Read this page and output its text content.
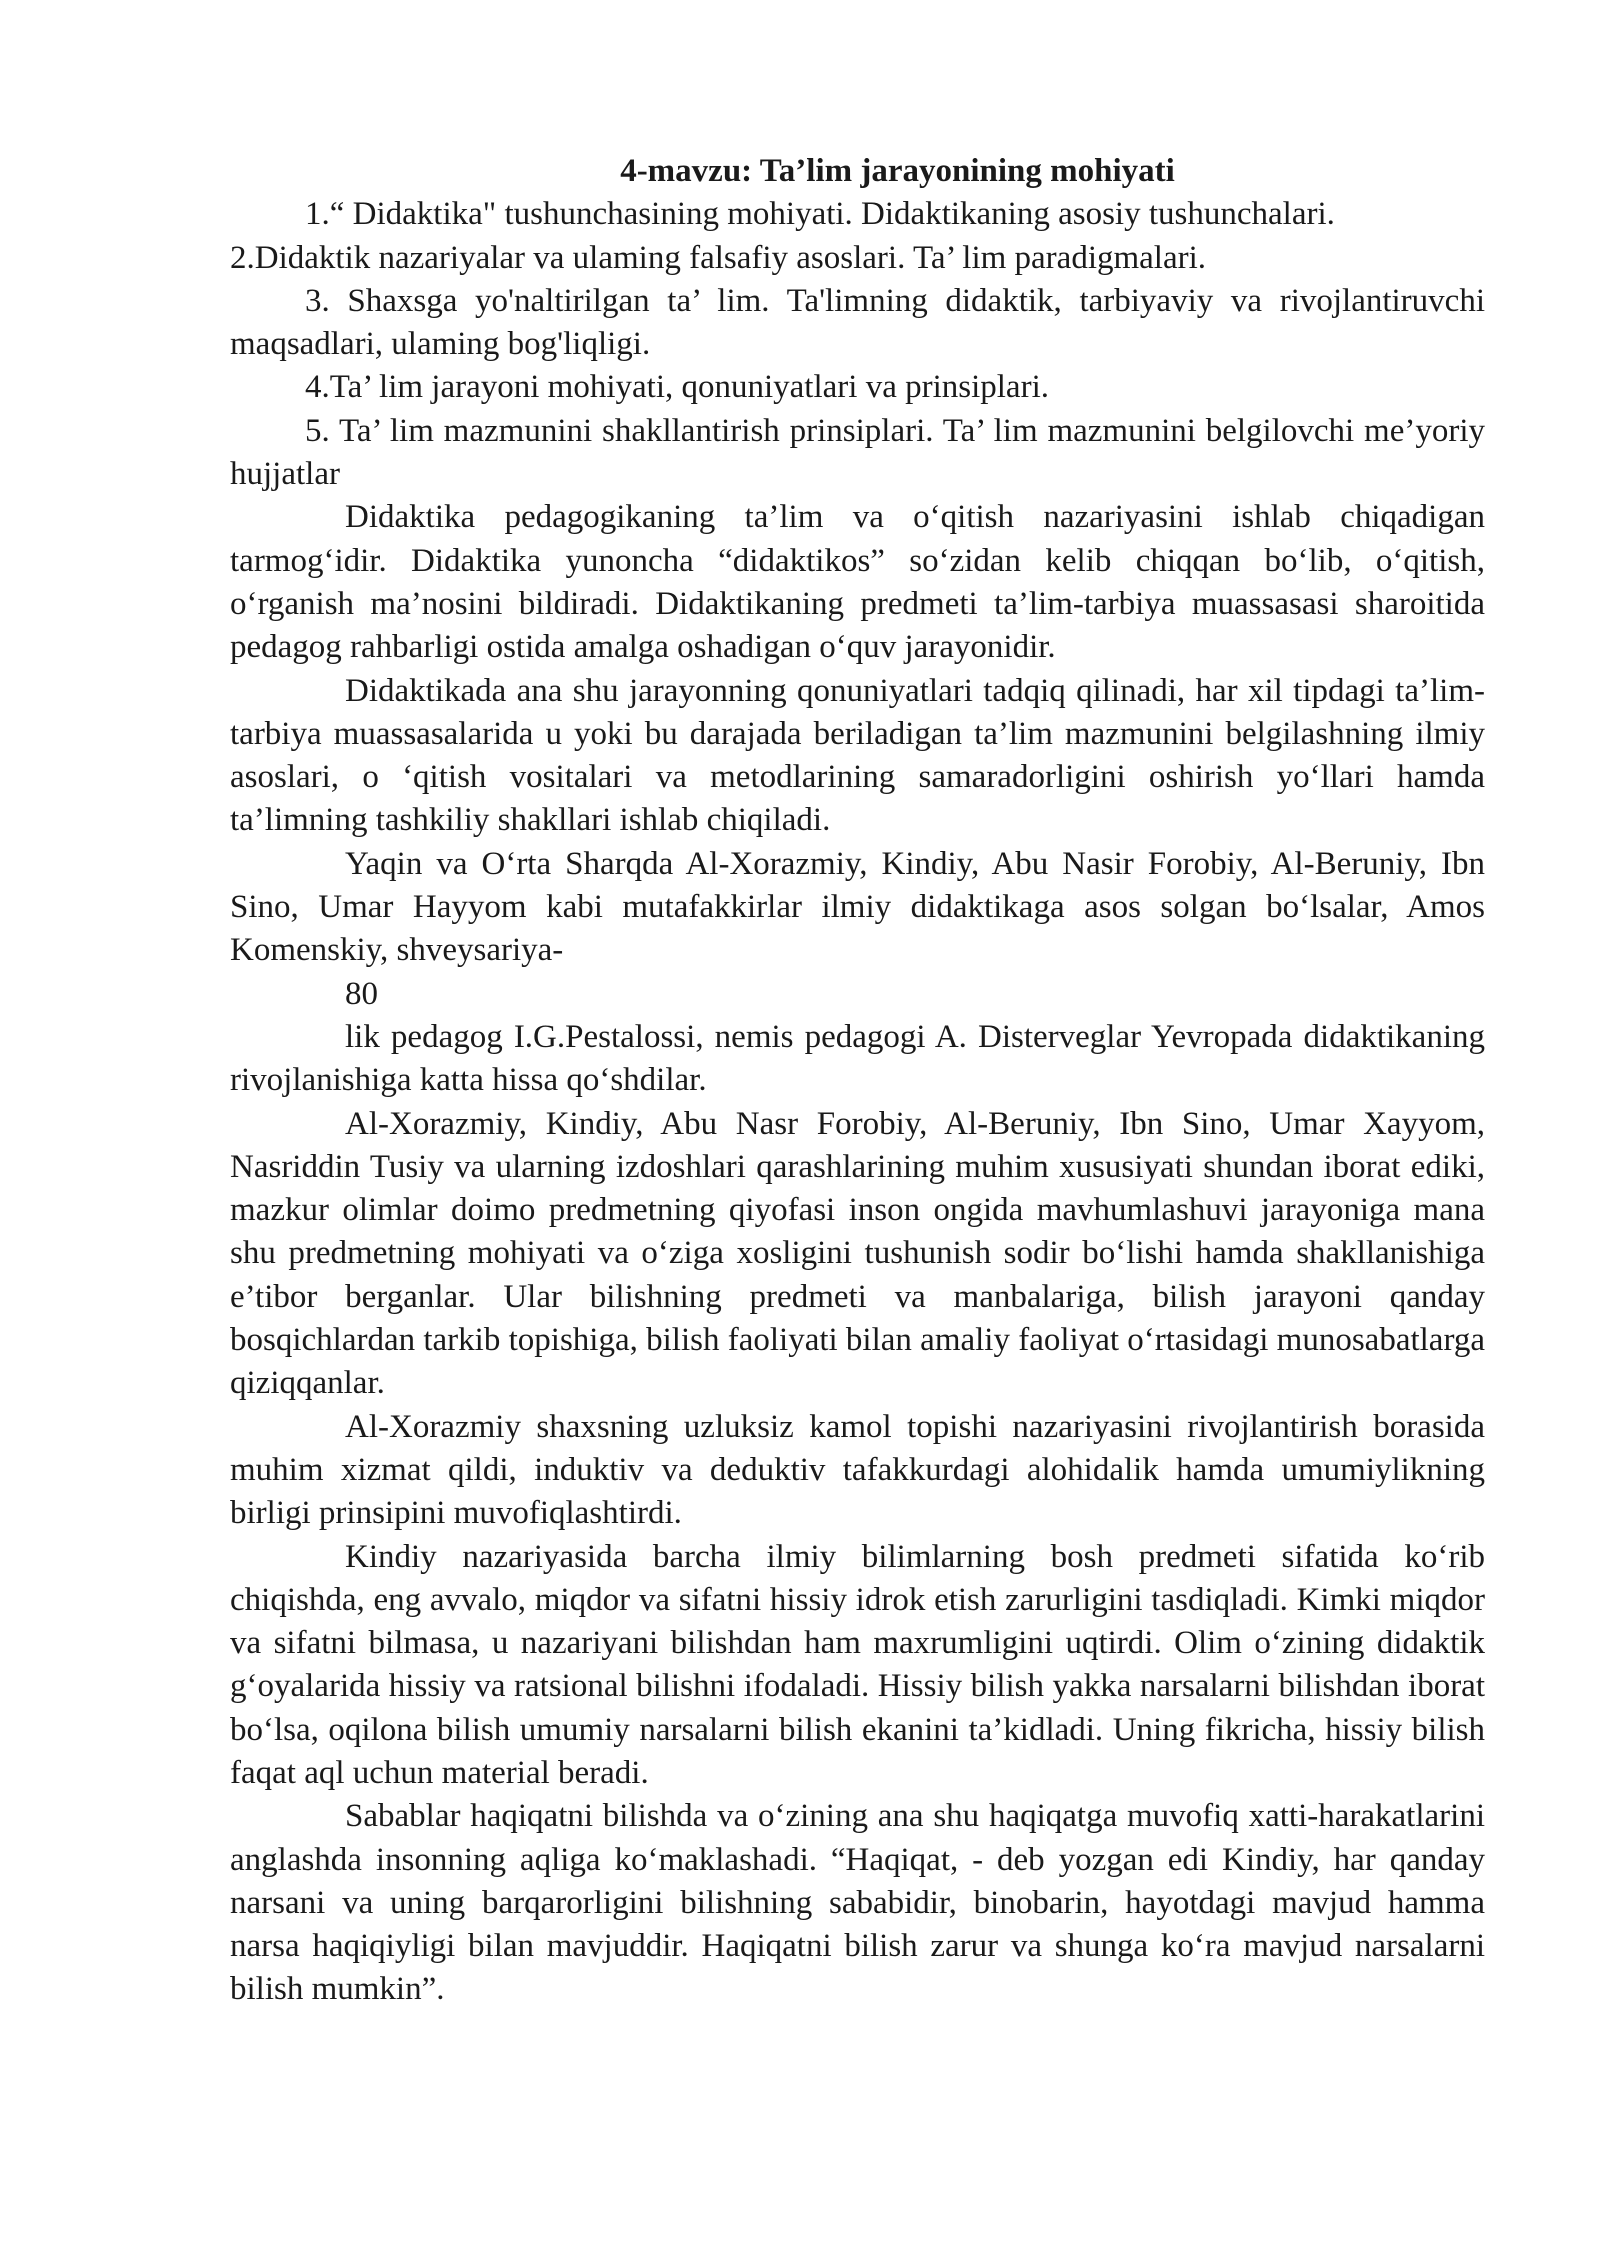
4-mavzu: Ta’lim jarayonining mohiyati

1.“ Didaktika" tushunchasining mohiyati. Didaktikaning asosiy tushunchalari.

2.Didaktik nazariyalar va ulaming falsafiy asoslari. Ta’ lim paradigmalari.

3. Shaxsga yo'naltirilgan ta’ lim. Ta'limning didaktik, tarbiyaviy va rivojlantiruvchi maqsadlari, ulaming bog'liqligi.

4.Ta’ lim jarayoni mohiyati, qonuniyatlari va prinsiplari.

5. Ta’ lim mazmunini shakllantirish prinsiplari. Ta’ lim mazmunini belgilovchi me’yoriy hujjatlar

Didaktika pedagogikaning ta’lim va o‘qitish nazariyasini ishlab chiqadigan tarmog‘idir. Didaktika yunoncha “didaktikos” so‘zidan kelib chiqqan bo‘lib, o‘qitish, o‘rganish ma’nosini bildiradi. Didaktikaning predmeti ta’lim-tarbiya muassasasi sharoitida pedagog rahbarligi ostida amalga oshadigan o‘quv jarayonidir.

Didaktikada ana shu jarayonning qonuniyatlari tadqiq qilinadi, har xil tipdagi ta’lim-tarbiya muassasalarida u yoki bu darajada beriladigan ta’lim mazmunini belgilashning ilmiy asoslari, o ‘qitish vositalari va metodlarining samaradorligini oshirish yo‘llari hamda ta’limning tashkiliy shakllari ishlab chiqiladi.

Yaqin va O‘rta Sharqda Al-Xorazmiy, Kindiy, Abu Nasir Forobiy, Al-Beruniy, Ibn Sino, Umar Hayyom kabi mutafakkirlar ilmiy didaktikaga asos solgan bo‘lsalar, Amos Komenskiy, shveysariya-

80

lik pedagog I.G.Pestalossi, nemis pedagogi A. Disterveglar Yevropada didaktikaning rivojlanishiga katta hissa qo‘shdilar.

Al-Xorazmiy, Kindiy, Abu Nasr Forobiy, Al-Beruniy, Ibn Sino, Umar Xayyom, Nasriddin Tusiy va ularning izdoshlari qarashlarining muhim xususiyati shundan iborat ediki, mazkur olimlar doimo predmetning qiyofasi inson ongida mavhumlashuvi jarayoniga mana shu predmetning mohiyati va o‘ziga xosligini tushunish sodir bo‘lishi hamda shakllanishiga e’tibor berganlar. Ular bilishning predmeti va manbalariga, bilish jarayoni qanday bosqichlardan tarkib topishiga, bilish faoliyati bilan amaliy faoliyat o‘rtasidagi munosabatlarga qiziqqanlar.

Al-Xorazmiy shaxsning uzluksiz kamol topishi nazariyasini rivojlantirish borasida muhim xizmat qildi, induktiv va deduktiv tafakkurdagi alohidalik hamda umumiylikning birligi prinsipini muvofiqlashtirdi.

Kindiy nazariyasida barcha ilmiy bilimlarning bosh predmeti sifatida ko‘rib chiqishda, eng avvalo, miqdor va sifatni hissiy idrok etish zarurligini tasdiqladi. Kimki miqdor va sifatni bilmasa, u nazariyani bilishdan ham maxrumligini uqtirdi. Olim o‘zining didaktik g‘oyalarida hissiy va ratsional bilishni ifodaladi. Hissiy bilish yakka narsalarni bilishdan iborat bo‘lsa, oqilona bilish umumiy narsalarni bilish ekanini ta’kidladi. Uning fikricha, hissiy bilish faqat aql uchun material beradi.

Sabablar haqiqatni bilishda va o‘zining ana shu haqiqatga muvofiq xatti-harakatlarini anglashda insonning aqliga ko‘maklashadi. “Haqiqat, - deb yozgan edi Kindiy, har qanday narsani va uning barqarorligini bilishning sababidir, binobarin, hayotdagi mavjud hamma narsa haqiqiyligi bilan mavjuddir. Haqiqatni bilish zarur va shunga ko‘ra mavjud narsalarni bilish mumkin”.
